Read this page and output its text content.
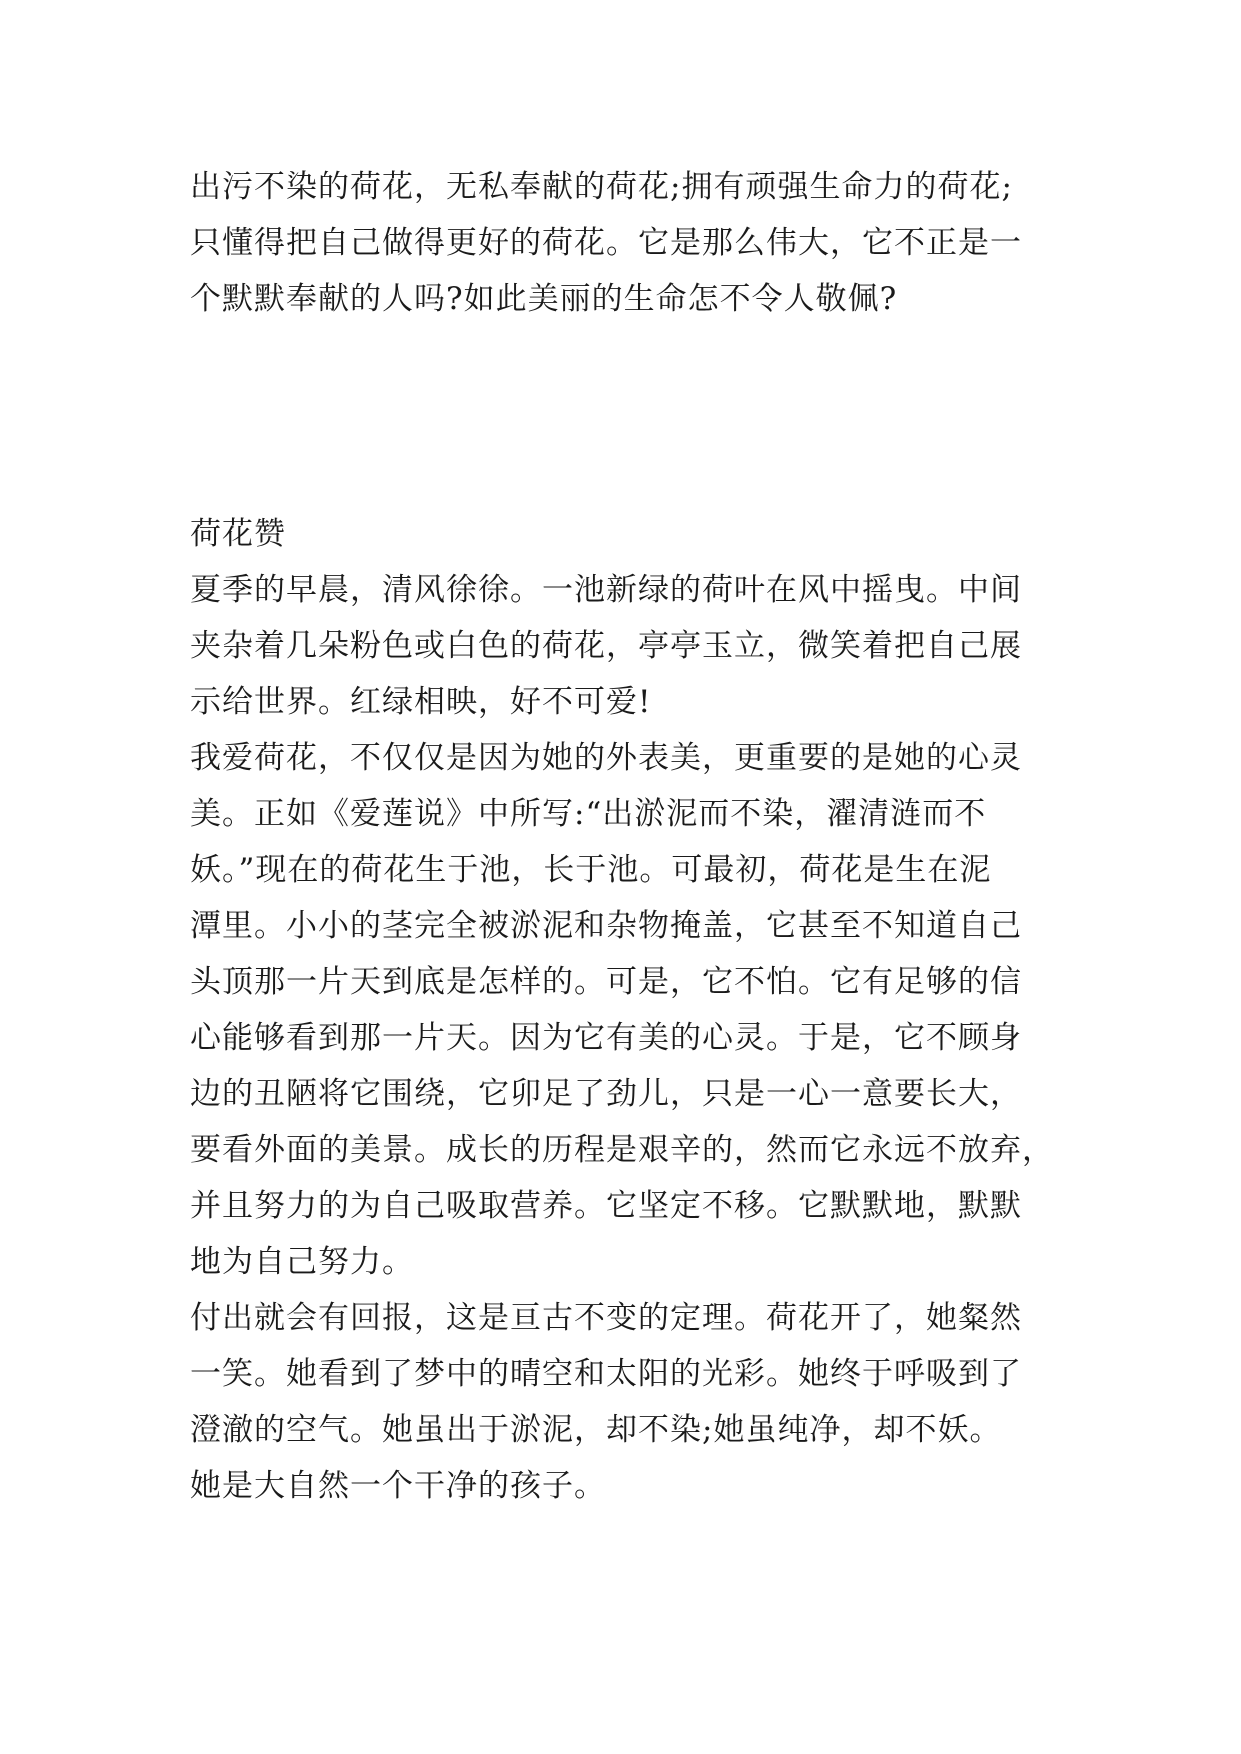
出污不染的荷花，无私奉献的荷花;拥有顽强生命力的荷花;
只懂得把自己做得更好的荷花。它是那么伟大，它不正是一
个默默奉献的人吗?如此美丽的生命怎不令人敬佩?
荷花赞
夏季的早晨，清风徐徐。一池新绿的荷叶在风中摇曳。中间
夹杂着几朵粉色或白色的荷花，亭亭玉立，微笑着把自己展
示给世界。红绿相映，好不可爱!
我爱荷花，不仅仅是因为她的外表美，更重要的是她的心灵
美。正如《爱莲说》中所写:“出淤泥而不染，濯清涟而不
妖。”现在的荷花生于池，长于池。可最初，荷花是生在泥
潭里。小小的茎完全被淤泥和杂物掩盖，它甚至不知道自己
头顶那一片天到底是怎样的。可是，它不怕。它有足够的信
心能够看到那一片天。因为它有美的心灵。于是，它不顾身
边的丑陋将它围绕，它卯足了劲儿，只是一心一意要长大，
要看外面的美景。成长的历程是艰辛的，然而它永远不放弃，
并且努力的为自己吸取营养。它坚定不移。它默默地，默默
地为自己努力。
付出就会有回报，这是亘古不变的定理。荷花开了，她粲然
一笑。她看到了梦中的晴空和太阳的光彩。她终于呼吸到了
澄澈的空气。她虽出于淤泥，却不染;她虽纯净，却不妖。
她是大自然一个干净的孩子。
